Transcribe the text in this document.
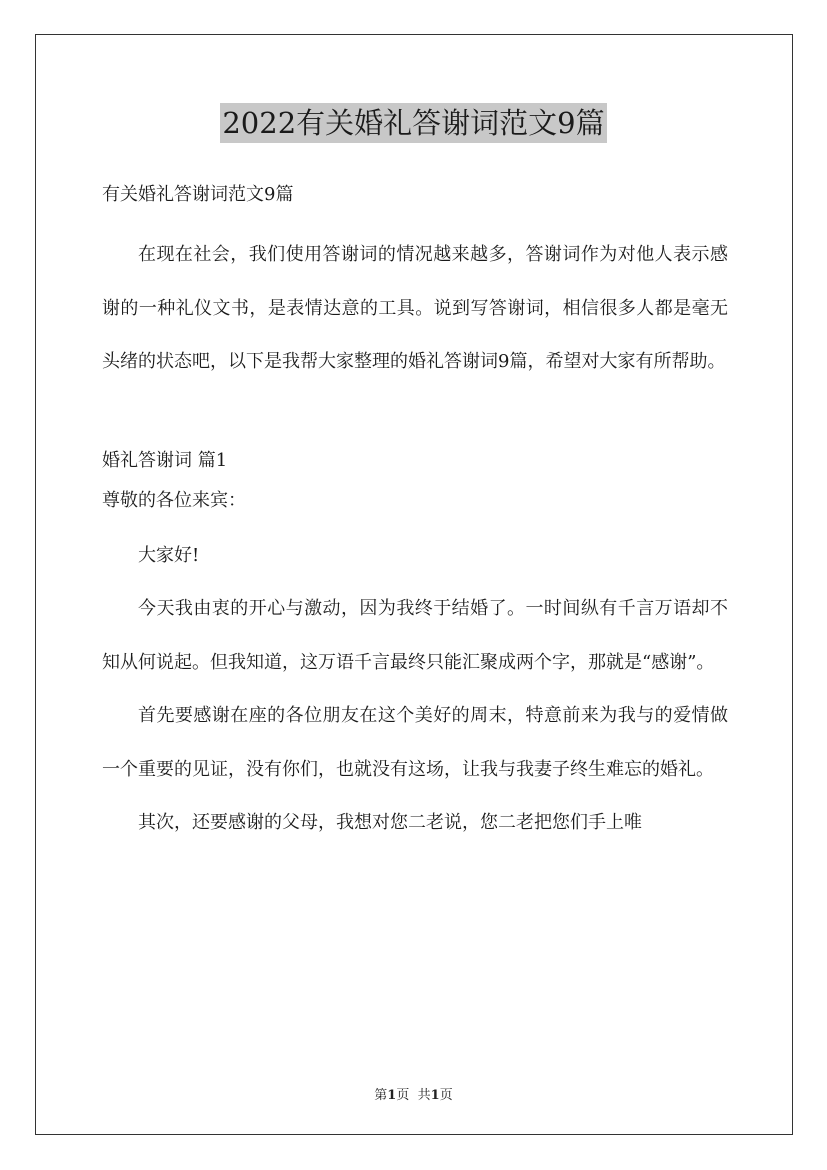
2022有关婚礼答谢词范文9篇
有关婚礼答谢词范文9篇

在现在社会，我们使用答谢词的情况越来越多，答谢词作为对他人表示感谢的一种礼仪文书，是表情达意的工具。说到写答谢词，相信很多人都是毫无头绪的状态吧，以下是我帮大家整理的婚礼答谢词9篇，希望对大家有所帮助。

婚礼答谢词 篇1
尊敬的各位来宾：

大家好!

今天我由衷的开心与激动，因为我终于结婚了。一时间纵有千言万语却不知从何说起。但我知道，这万语千言最终只能汇聚成两个字，那就是“感谢”。

首先要感谢在座的各位朋友在这个美好的周末，特意前来为我与的爱情做一个重要的见证，没有你们，也就没有这场，让我与我妻子终生难忘的婚礼。

其次，还要感谢的父母，我想对您二老说，您二老把您们手上唯

第1页 共1页
